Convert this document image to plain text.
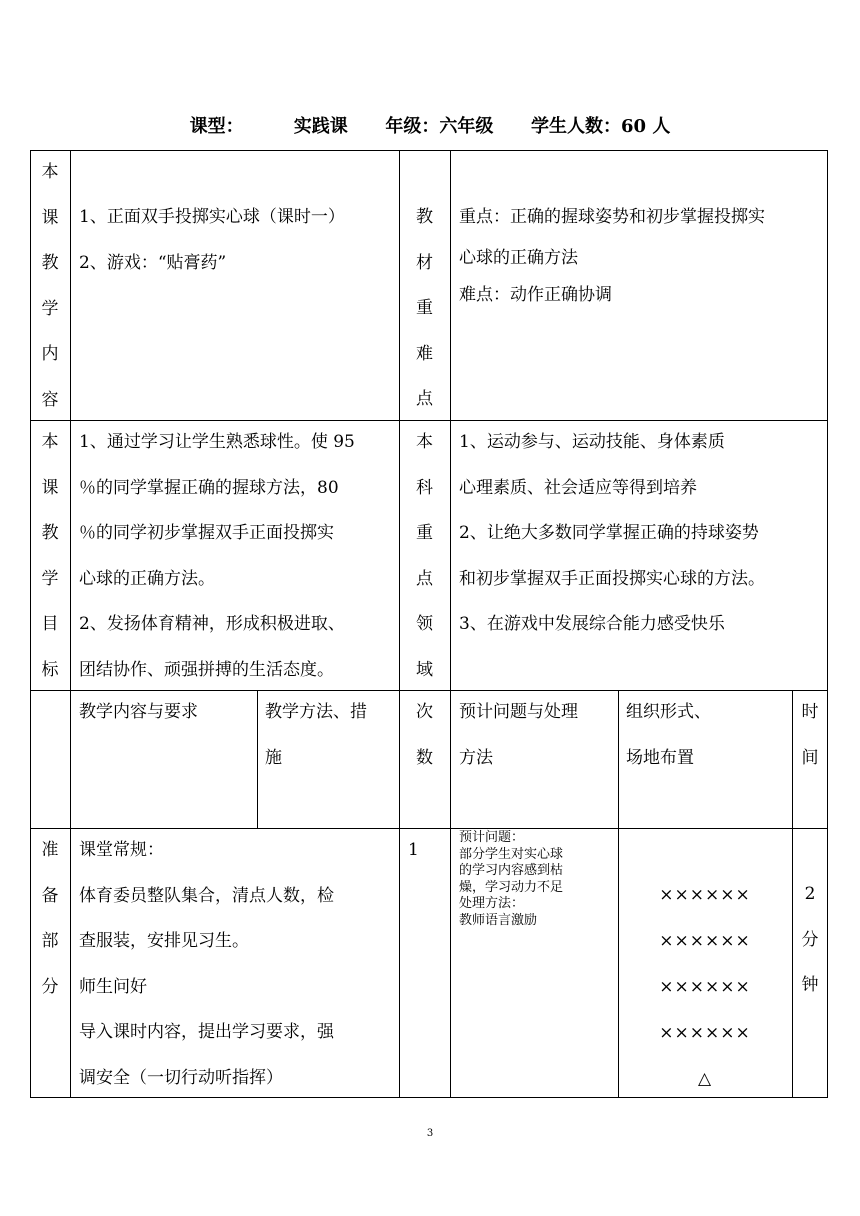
课型：        实践课      年级：六年级      学生人数：60 人
本
课
教
学
内
容
1、正面双手投掷实心球（课时一）
2、游戏：“贴膏药”
教
材
重
难
点
重点：正确的握球姿势和初步掌握投掷实
心球的正确方法
难点：动作正确协调
本
课
教
学
目
标
1、通过学习让学生熟悉球性。使 95
％的同学掌握正确的握球方法，80
％的同学初步掌握双手正面投掷实
心球的正确方法。
2、发扬体育精神，形成积极进取、
团结协作、顽强拼搏的生活态度。
本
科
重
点
领
域
1、运动参与、运动技能、身体素质
心理素质、社会适应等得到培养
2、让绝大多数同学掌握正确的持球姿势
和初步掌握双手正面投掷实心球的方法。
3、在游戏中发展综合能力感受快乐
教学内容与要求	教学方法、措
施
次
数
预计问题与处理
方法
组织形式、
场地布置
时
间
准
备
部
分
课堂常规：
体育委员整队集合，清点人数，检
查服装，安排见习生。
师生问好
导入课时内容，提出学习要求，强
调安全（一切行动听指挥）
1
预计问题：
部分学生对实心球
的学习内容感到枯
燥，学习动力不足
处理方法：
教师语言激励
××××××
××××××
××××××
××××××
△
2
分
钟
3
